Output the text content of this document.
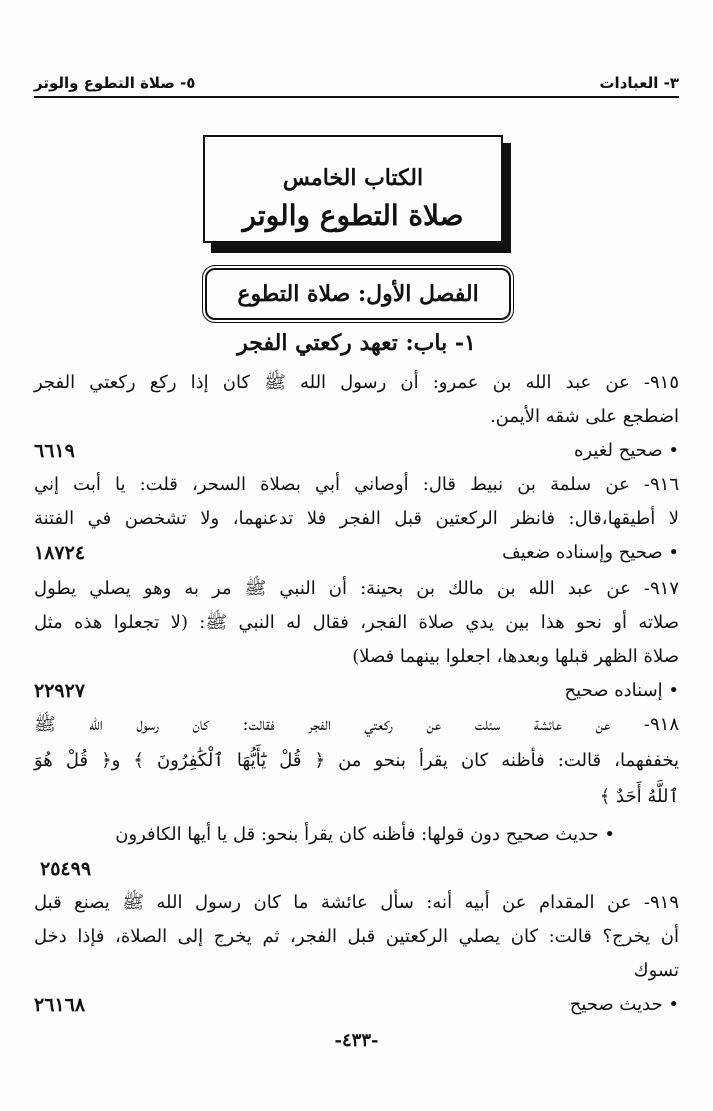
٣- العبادات
٥- صلاة التطوع والوتر
الكتاب الخامس
صلاة التطوع والوتر
الفصل الأول: صلاة التطوع
١- باب: تعهد ركعتي الفجر
٩١٥- عن عبد الله بن عمرو: أن رسول الله ﷺ كان إذا ركع ركعتي الفجر
اضطجع على شقه الأيمن.
• صحيح لغيره
٦٦١٩
٩١٦- عن سلمة بن نبيط قال: أوصاني أبي بصلاة السحر، قلت: يا أبت إني
لا أطيقها،قال: فانظر الركعتين قبل الفجر فلا تدعنهما، ولا تشخصن في الفتنة
• صحيح وإسناده ضعيف
١٨٧٢٤
٩١٧- عن عبد الله بن مالك بن بحينة: أن النبي ﷺ مر به وهو يصلي يطول
صلاته أو نحو هذا بين يدي صلاة الفجر، فقال له النبي ﷺ: (لا تجعلوا هذه مثل
صلاة الظهر قبلها وبعدها، اجعلوا بينهما فصلا)
• إسناده صحيح
٢٢٩٢٧
٩١٨- عن عائشة سئلت عن ركعتي الفجر فقالت: كان رسول الله ﷺ
يخففهما، قالت: فأظنه كان يقرأ بنحو من ﴿ قُلْ يَٰٓأَيُّهَا ٱلْكَٰفِرُونَ ﴾ و﴿ قُلْ هُوَ
ٱللَّهُ أَحَدٌ ﴾
• حديث صحيح دون قولها: فأظنه كان يقرأ بنحو: قل يا أيها الكافرون
٢٥٤٩٩
٩١٩- عن المقدام عن أبيه أنه: سأل عائشة ما كان رسول الله ﷺ يصنع قبل
أن يخرج؟ قالت: كان يصلي الركعتين قبل الفجر، ثم يخرج إلى الصلاة، فإذا دخل
تسوك
• حديث صحيح
٢٦١٦٨
-٤٣٣-
